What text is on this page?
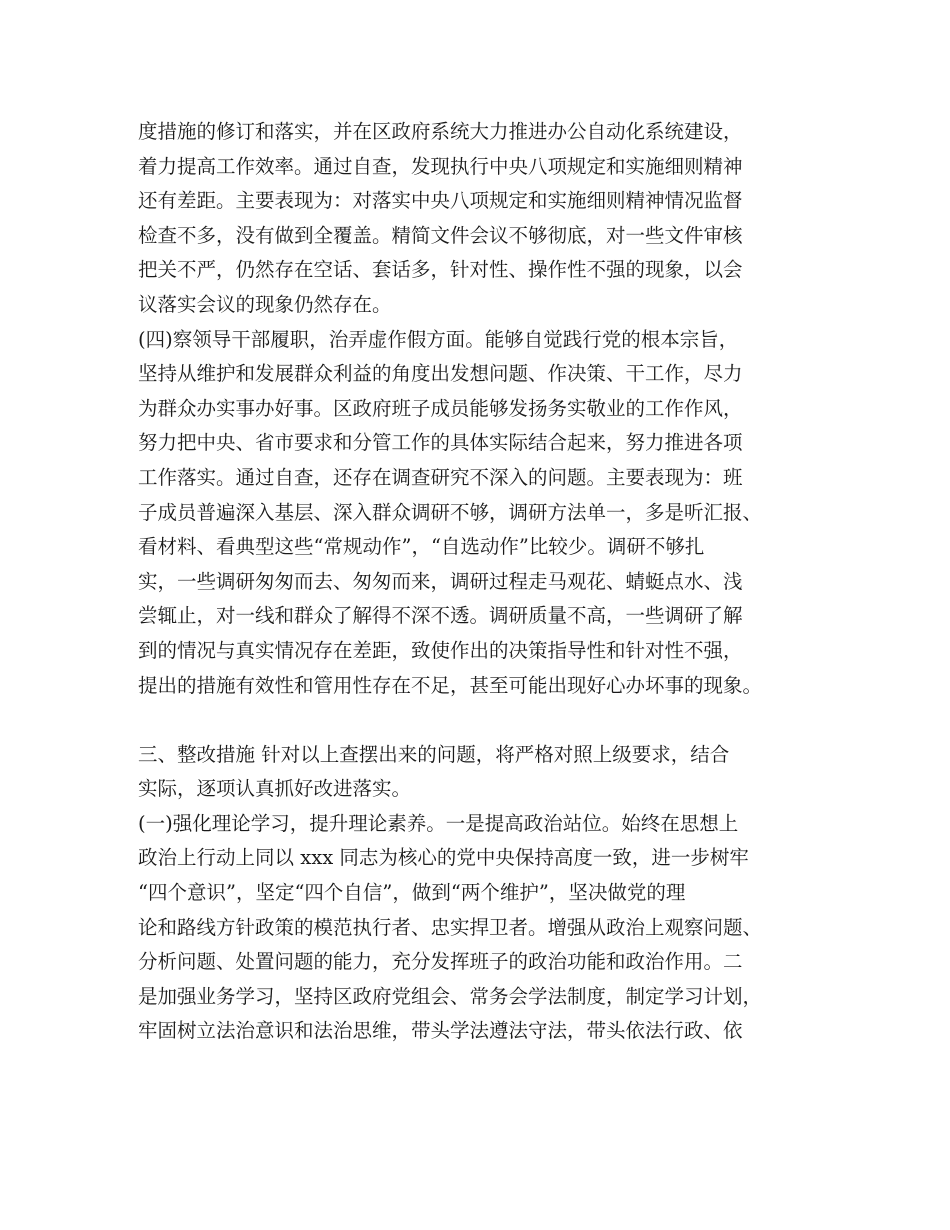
度措施的修订和落实，并在区政府系统大力推进办公自动化系统建设，
着力提高工作效率。通过自查，发现执行中央八项规定和实施细则精神
还有差距。主要表现为：对落实中央八项规定和实施细则精神情况监督
检查不多，没有做到全覆盖。精简文件会议不够彻底，对一些文件审核
把关不严，仍然存在空话、套话多，针对性、操作性不强的现象，以会
议落实会议的现象仍然存在。
(四)察领导干部履职，治弄虚作假方面。能够自觉践行党的根本宗旨，
坚持从维护和发展群众利益的角度出发想问题、作决策、干工作，尽力
为群众办实事办好事。区政府班子成员能够发扬务实敬业的工作作风，
努力把中央、省市要求和分管工作的具体实际结合起来，努力推进各项
工作落实。通过自查，还存在调查研究不深入的问题。主要表现为：班
子成员普遍深入基层、深入群众调研不够，调研方法单一，多是听汇报、
看材料、看典型这些“常规动作”，“自选动作”比较少。调研不够扎
实，一些调研匆匆而去、匆匆而来，调研过程走马观花、蜻蜓点水、浅
尝辄止，对一线和群众了解得不深不透。调研质量不高，一些调研了解
到的情况与真实情况存在差距，致使作出的决策指导性和针对性不强，
提出的措施有效性和管用性存在不足，甚至可能出现好心办坏事的现象。
三、整改措施 针对以上查摆出来的问题，将严格对照上级要求，结合
实际，逐项认真抓好改进落实。
(一)强化理论学习，提升理论素养。一是提高政治站位。始终在思想上
政治上行动上同以 xxx 同志为核心的党中央保持高度一致，进一步树牢
“四个意识”，坚定“四个自信”，做到“两个维护”，坚决做党的理
论和路线方针政策的模范执行者、忠实捍卫者。增强从政治上观察问题、
分析问题、处置问题的能力，充分发挥班子的政治功能和政治作用。二
是加强业务学习，坚持区政府党组会、常务会学法制度，制定学习计划，
牢固树立法治意识和法治思维，带头学法遵法守法，带头依法行政、依
